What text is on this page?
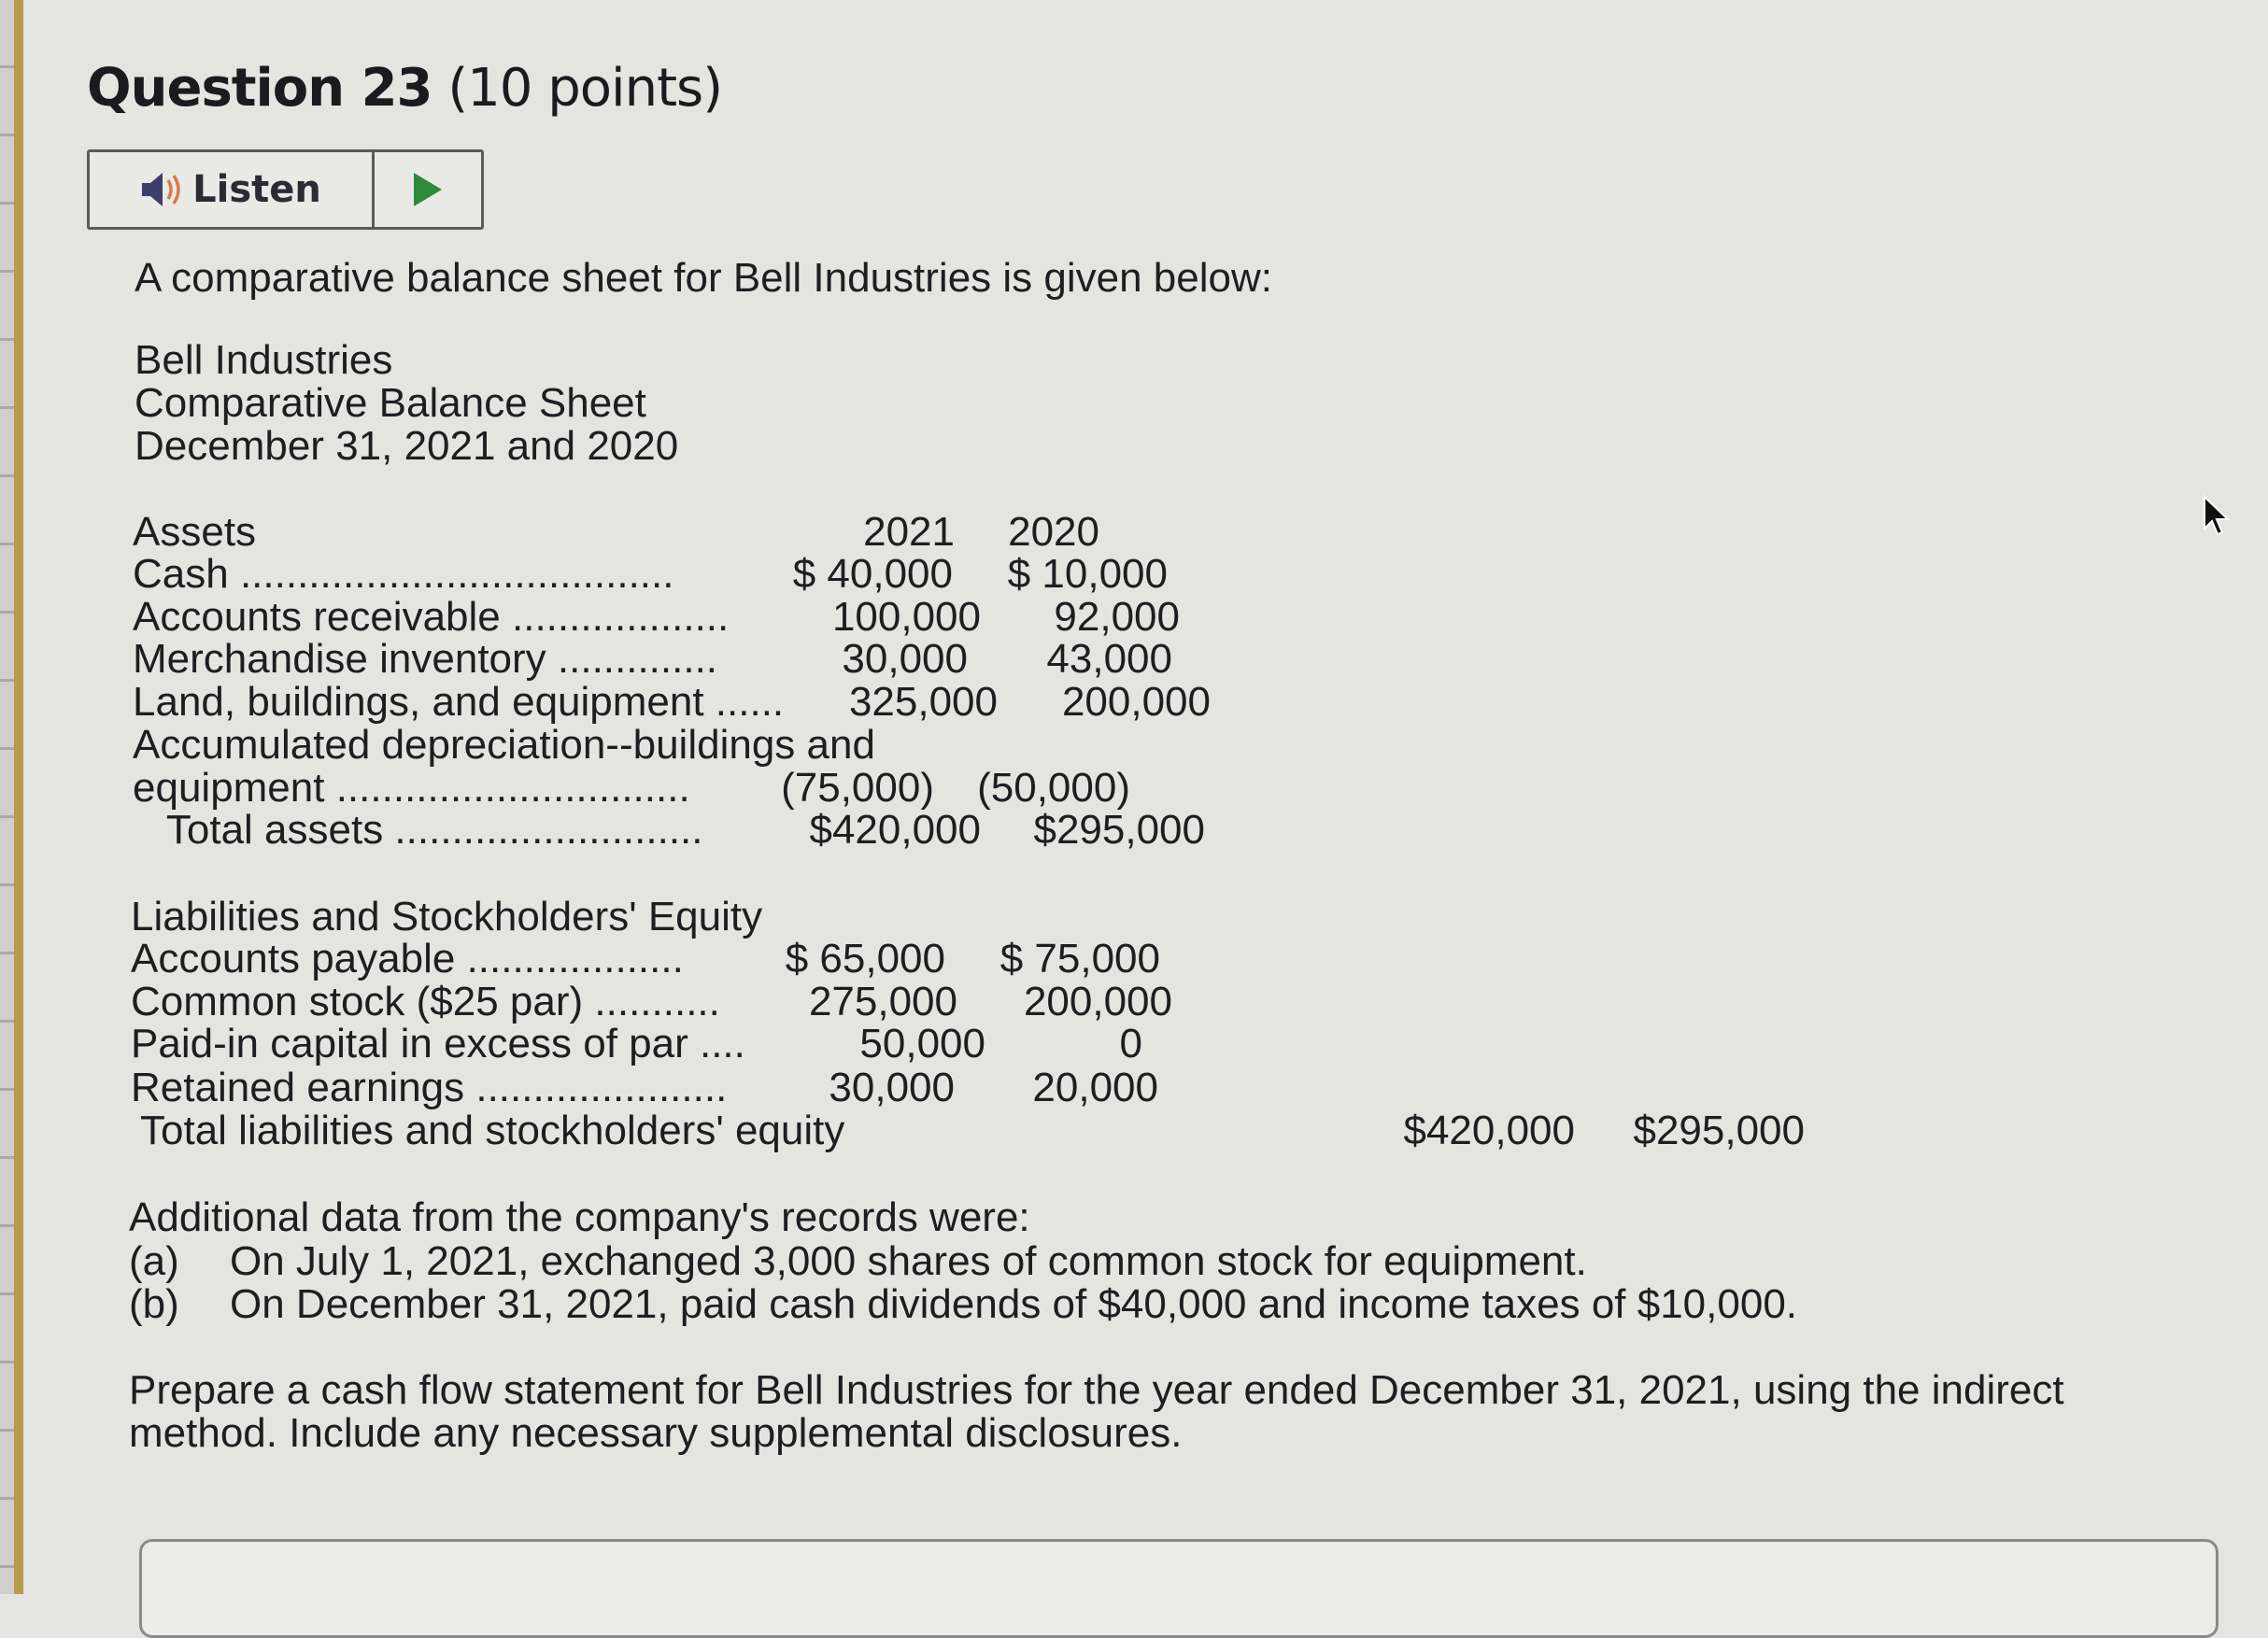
Question 23 (10 points)
Listen
A comparative balance sheet for Bell Industries is given below:
Bell Industries
Comparative Balance Sheet
December 31, 2021 and 2020
Assets	2021	2020
Cash ......................................	$ 40,000	$ 10,000
Accounts receivable ...................	100,000	92,000
Merchandise inventory ..............	30,000	43,000
Land, buildings, and equipment ......	325,000	200,000
Accumulated depreciation--buildings and
equipment ...............................	(75,000)	(50,000)
Total assets ...........................	$420,000	$295,000
Liabilities and Stockholders' Equity
Accounts payable ...................	$ 65,000	$ 75,000
Common stock ($25 par) ...........	275,000	200,000
Paid-in capital in excess of par ....	50,000	0
Retained earnings ......................	30,000	20,000
Total liabilities and stockholders' equity	$420,000	$295,000
Additional data from the company's records were:
(a) On July 1, 2021, exchanged 3,000 shares of common stock for equipment.
(b) On December 31, 2021, paid cash dividends of $40,000 and income taxes of $10,000.
Prepare a cash flow statement for Bell Industries for the year ended December 31, 2021, using the indirect
method. Include any necessary supplemental disclosures.
